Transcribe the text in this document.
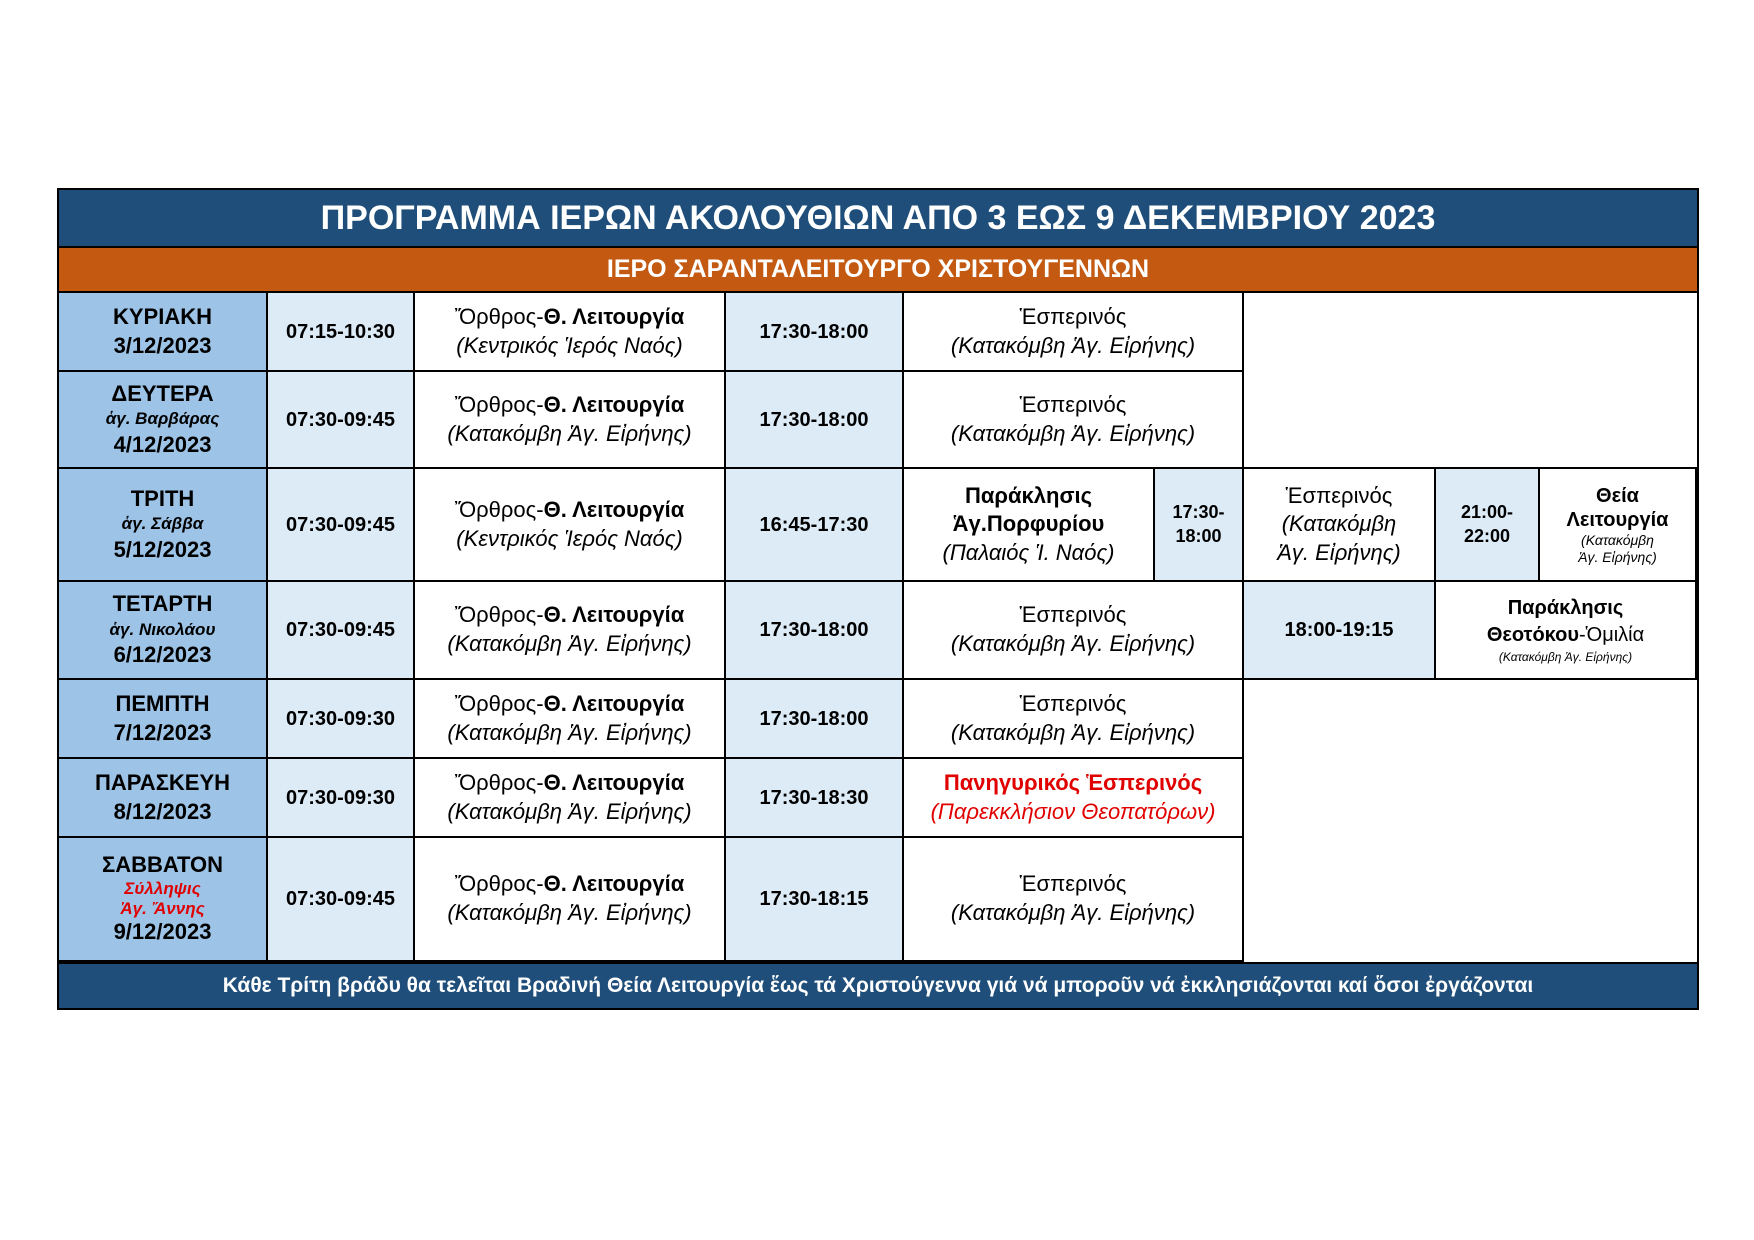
ΠΡΟΓΡΑΜΜΑ ΙΕΡΩΝ ΑΚΟΛΟΥΘΙΩΝ ΑΠΟ 3 ΕΩΣ 9 ΔΕΚΕΜΒΡΙΟΥ 2023
ΙΕΡΟ ΣΑΡΑΝΤΑΛΕΙΤΟΥΡΓΟ ΧΡΙΣΤΟΥΓΕΝΝΩΝ
ΚΥΡΙΑΚΗ
3/12/2023
07:15-10:30
Ὄρθρος-Θ. Λειτουργία
(Κεντρικός Ἱερός Ναός)
17:30-18:00
Ἑσπερινός
(Κατακόμβη Ἁγ. Εἰρήνης)
ΔΕΥΤΕΡΑ
ἁγ. Βαρβάρας
4/12/2023
07:30-09:45
Ὄρθρος-Θ. Λειτουργία
(Κατακόμβη Ἁγ. Εἰρήνης)
17:30-18:00
Ἑσπερινός
(Κατακόμβη Ἁγ. Εἰρήνης)
ΤΡΙΤΗ
ἁγ. Σάββα
5/12/2023
07:30-09:45
Ὄρθρος-Θ. Λειτουργία
(Κεντρικός Ἱερός Ναός)
16:45-17:30
Παράκλησις
Ἁγ.Πορφυρίου
(Παλαιός Ἱ. Ναός)
17:30-18:00
Ἑσπερινός
(Κατακόμβη
Ἁγ. Εἰρήνης)
21:00-22:00
Θεία
Λειτουργία
(Κατακόμβη
Ἁγ. Εἰρήνης)
ΤΕΤΑΡΤΗ
ἁγ. Νικολάου
6/12/2023
07:30-09:45
Ὄρθρος-Θ. Λειτουργία
(Κατακόμβη Ἁγ. Εἰρήνης)
17:30-18:00
Ἑσπερινός
(Κατακόμβη Ἁγ. Εἰρήνης)
18:00-19:15
Παράκλησις
Θεοτόκου-Ὁμιλία
(Κατακόμβη Ἁγ. Εἰρήνης)
ΠΕΜΠΤΗ
7/12/2023
07:30-09:30
Ὄρθρος-Θ. Λειτουργία
(Κατακόμβη Ἁγ. Εἰρήνης)
17:30-18:00
Ἑσπερινός
(Κατακόμβη Ἁγ. Εἰρήνης)
ΠΑΡΑΣΚΕΥΗ
8/12/2023
07:30-09:30
Ὄρθρος-Θ. Λειτουργία
(Κατακόμβη Ἁγ. Εἰρήνης)
17:30-18:30
Πανηγυρικός Ἑσπερινός
(Παρεκκλήσιον Θεοπατόρων)
ΣΑΒΒΑΤΟΝ
Σύλληψις
Ἁγ. Ἄννης
9/12/2023
07:30-09:45
Ὄρθρος-Θ. Λειτουργία
(Κατακόμβη Ἁγ. Εἰρήνης)
17:30-18:15
Ἑσπερινός
(Κατακόμβη Ἁγ. Εἰρήνης)
Κάθε Τρίτη βράδυ θα τελεῖται Βραδινή Θεία Λειτουργία ἕως τά Χριστούγεννα γιά νά μποροῦν νά ἐκκλησιάζονται καί ὅσοι ἐργάζονται
